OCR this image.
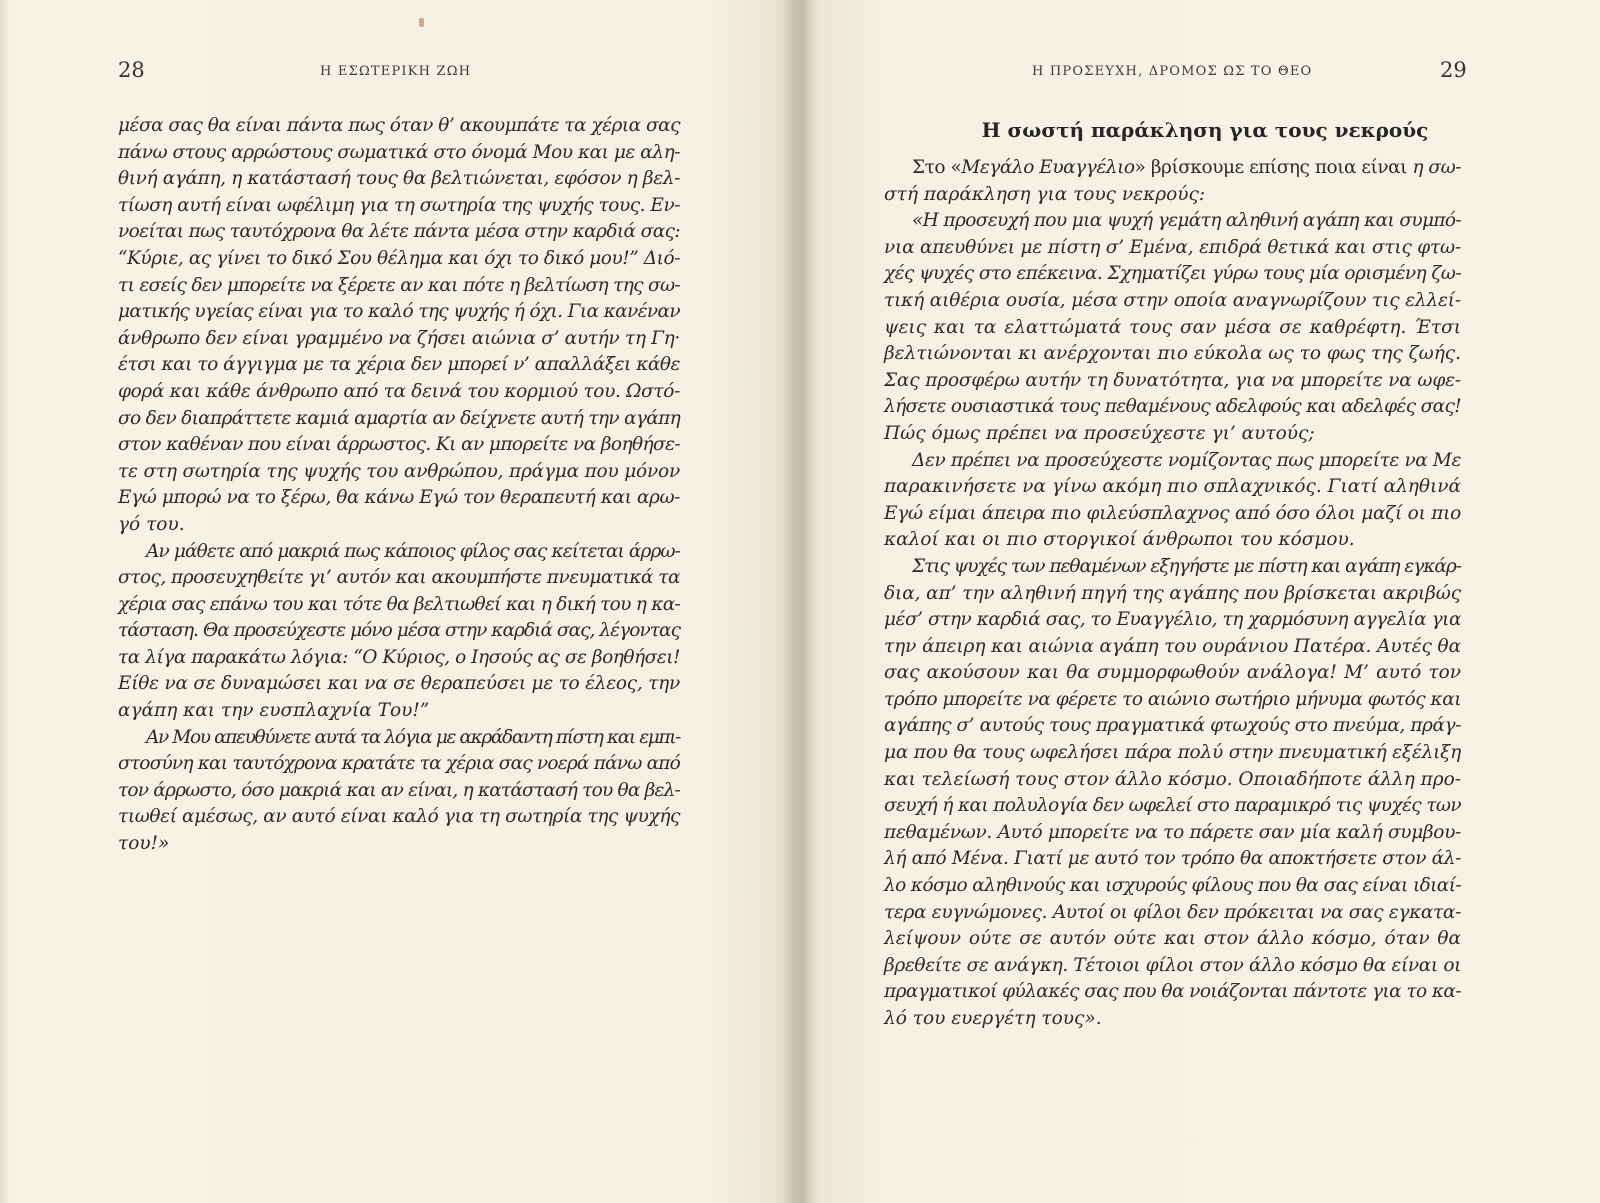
28	Η ΕΣΩΤΕΡΙΚΗ ΖΩΗ
μέσα σας θα είναι πάντα πως όταν θ’ ακουμπάτε τα χέρια σας
πάνω στους αρρώστους σωματικά στο όνομά Μου και με αλη-
θινή αγάπη, η κατάστασή τους θα βελτιώνεται, εφόσον η βελ-
τίωση αυτή είναι ωφέλιμη για τη σωτηρία της ψυχής τους. Εν-
νοείται πως ταυτόχρονα θα λέτε πάντα μέσα στην καρδιά σας:
“Κύριε, ας γίνει το δικό Σου θέλημα και όχι το δικό μου!” Διό-
τι εσείς δεν μπορείτε να ξέρετε αν και πότε η βελτίωση της σω-
ματικής υγείας είναι για το καλό της ψυχής ή όχι. Για κανέναν
άνθρωπο δεν είναι γραμμένο να ζήσει αιώνια σ’ αυτήν τη Γη·
έτσι και το άγγιγμα με τα χέρια δεν μπορεί ν’ απαλλάξει κάθε
φορά και κάθε άνθρωπο από τα δεινά του κορμιού του. Ωστό-
σο δεν διαπράττετε καμιά αμαρτία αν δείχνετε αυτή την αγάπη
στον καθέναν που είναι άρρωστος. Κι αν μπορείτε να βοηθήσε-
τε στη σωτηρία της ψυχής του ανθρώπου, πράγμα που μόνον
Εγώ μπορώ να το ξέρω, θα κάνω Εγώ τον θεραπευτή και αρω-
γό του.
Αν μάθετε από μακριά πως κάποιος φίλος σας κείτεται άρρω-
στος, προσευχηθείτε γι’ αυτόν και ακουμπήστε πνευματικά τα
χέρια σας επάνω του και τότε θα βελτιωθεί και η δική του η κα-
τάσταση. Θα προσεύχεστε μόνο μέσα στην καρδιά σας, λέγοντας
τα λίγα παρακάτω λόγια: “Ο Κύριος, ο Ιησούς ας σε βοηθήσει!
Είθε να σε δυναμώσει και να σε θεραπεύσει με το έλεος, την
αγάπη και την ευσπλαχνία Του!”
Αν Μου απευθύνετε αυτά τα λόγια με ακράδαντη πίστη και εμπι-
στοσύνη και ταυτόχρονα κρατάτε τα χέρια σας νοερά πάνω από
τον άρρωστο, όσο μακριά και αν είναι, η κατάστασή του θα βελ-
τιωθεί αμέσως, αν αυτό είναι καλό για τη σωτηρία της ψυχής
του!»
Η ΠΡΟΣΕΥΧΗ, ΔΡΟΜΟΣ ΩΣ ΤΟ ΘΕΟ	29
Η σωστή παράκληση για τους νεκρούς
Στο «Μεγάλο Ευαγγέλιο» βρίσκουμε επίσης ποια είναι η σω-
στή παράκληση για τους νεκρούς:
«Η προσευχή που μια ψυχή γεμάτη αληθινή αγάπη και συμπό-
νια απευθύνει με πίστη σ’ Εμένα, επιδρά θετικά και στις φτω-
χές ψυχές στο επέκεινα. Σχηματίζει γύρω τους μία ορισμένη ζω-
τική αιθέρια ουσία, μέσα στην οποία αναγνωρίζουν τις ελλεί-
ψεις και τα ελαττώματά τους σαν μέσα σε καθρέφτη. Έτσι
βελτιώνονται κι ανέρχονται πιο εύκολα ως το φως της ζωής.
Σας προσφέρω αυτήν τη δυνατότητα, για να μπορείτε να ωφε-
λήσετε ουσιαστικά τους πεθαμένους αδελφούς και αδελφές σας!
Πώς όμως πρέπει να προσεύχεστε γι’ αυτούς;
Δεν πρέπει να προσεύχεστε νομίζοντας πως μπορείτε να Με
παρακινήσετε να γίνω ακόμη πιο σπλαχνικός. Γιατί αληθινά
Εγώ είμαι άπειρα πιο φιλεύσπλαχνος από όσο όλοι μαζί οι πιο
καλοί και οι πιο στοργικοί άνθρωποι του κόσμου.
Στις ψυχές των πεθαμένων εξηγήστε με πίστη και αγάπη εγκάρ-
δια, απ’ την αληθινή πηγή της αγάπης που βρίσκεται ακριβώς
μέσ’ στην καρδιά σας, το Ευαγγέλιο, τη χαρμόσυνη αγγελία για
την άπειρη και αιώνια αγάπη του ουράνιου Πατέρα. Αυτές θα
σας ακούσουν και θα συμμορφωθούν ανάλογα! Μ’ αυτό τον
τρόπο μπορείτε να φέρετε το αιώνιο σωτήριο μήνυμα φωτός και
αγάπης σ’ αυτούς τους πραγματικά φτωχούς στο πνεύμα, πράγ-
μα που θα τους ωφελήσει πάρα πολύ στην πνευματική εξέλιξη
και τελείωσή τους στον άλλο κόσμο. Οποιαδήποτε άλλη προ-
σευχή ή και πολυλογία δεν ωφελεί στο παραμικρό τις ψυχές των
πεθαμένων. Αυτό μπορείτε να το πάρετε σαν μία καλή συμβου-
λή από Μένα. Γιατί με αυτό τον τρόπο θα αποκτήσετε στον άλ-
λο κόσμο αληθινούς και ισχυρούς φίλους που θα σας είναι ιδιαί-
τερα ευγνώμονες. Αυτοί οι φίλοι δεν πρόκειται να σας εγκατα-
λείψουν ούτε σε αυτόν ούτε και στον άλλο κόσμο, όταν θα
βρεθείτε σε ανάγκη. Τέτοιοι φίλοι στον άλλο κόσμο θα είναι οι
πραγματικοί φύλακές σας που θα νοιάζονται πάντοτε για το κα-
λό του ευεργέτη τους».
